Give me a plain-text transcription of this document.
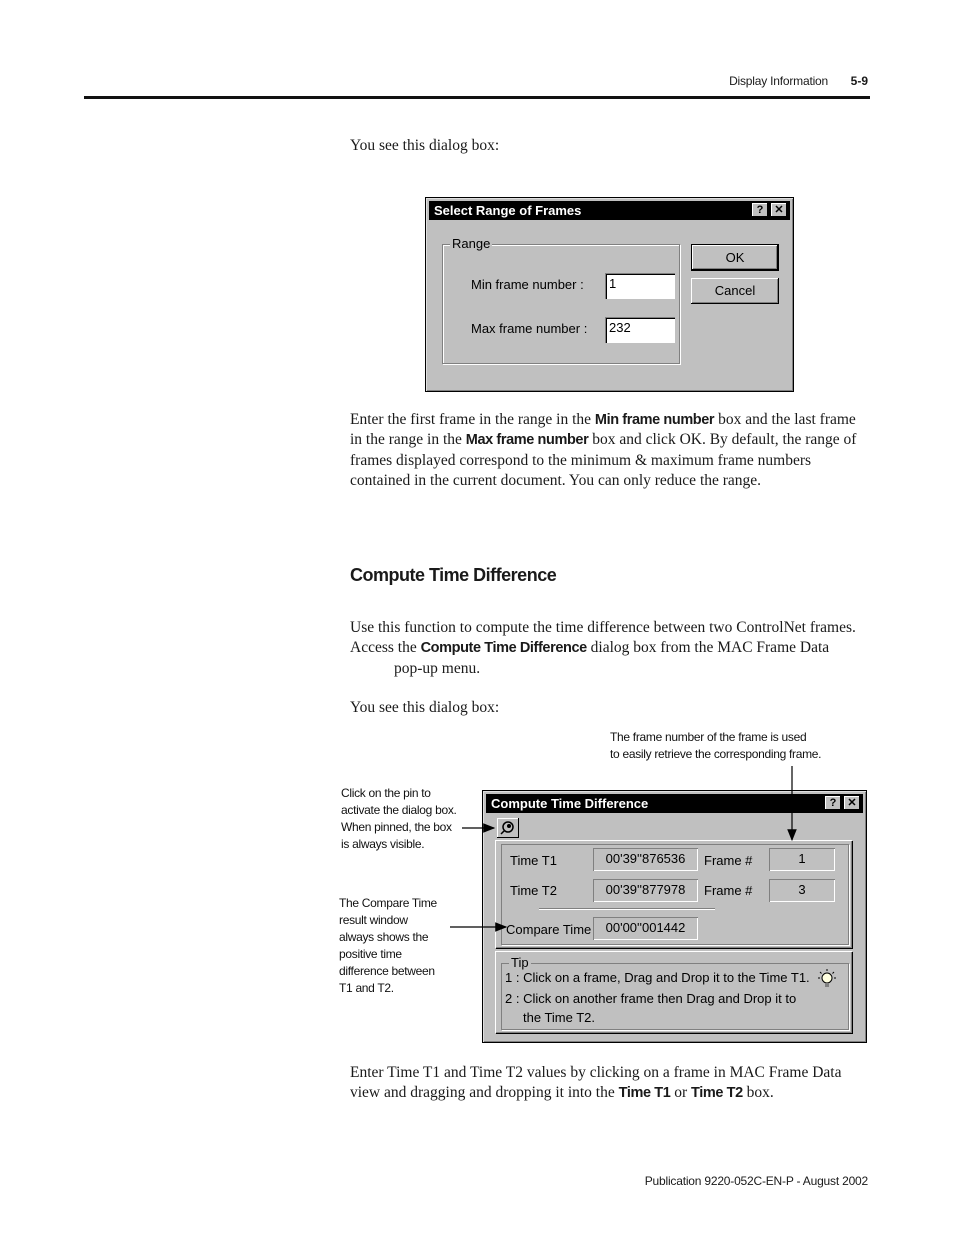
Display Information 5-9
You see this dialog box:
Select Range of Frames	?	✕
Range
Min frame number :	1
Max frame number :	232
OK
Cancel
Enter the first frame in the range in the Min frame number box and the last frame in the range in the Max frame number box and click OK. By default, the range of frames displayed correspond to the minimum & maximum frame numbers contained in the current document. You can only reduce the range.
Compute Time Difference
Use this function to compute the time difference between two ControlNet frames. Access the Compute Time Difference dialog box from the MAC Frame Datapop-up menu.
You see this dialog box:
The frame number of the frame is used
to easily retrieve the corresponding frame.
Click on the pin to
activate the dialog box.
When pinned, the box
is always visible.
The Compare Time
result window
always shows the
positive time
difference between
T1 and T2.
Compute Time Difference	?	✕
Time T1	00'39''876536	Frame #	1
Time T2	00'39''877978	Frame #	3
Compare Time	00'00''001442
Tip
1 : Click on a frame, Drag and Drop it to the Time T1.
2 : Click on another frame then Drag and Drop it to
the Time T2.
Enter Time T1 and Time T2 values by clicking on a frame in MAC Frame Data view and dragging and dropping it into the Time T1 or Time T2 box.
Publication 9220-052C-EN-P - August 2002
